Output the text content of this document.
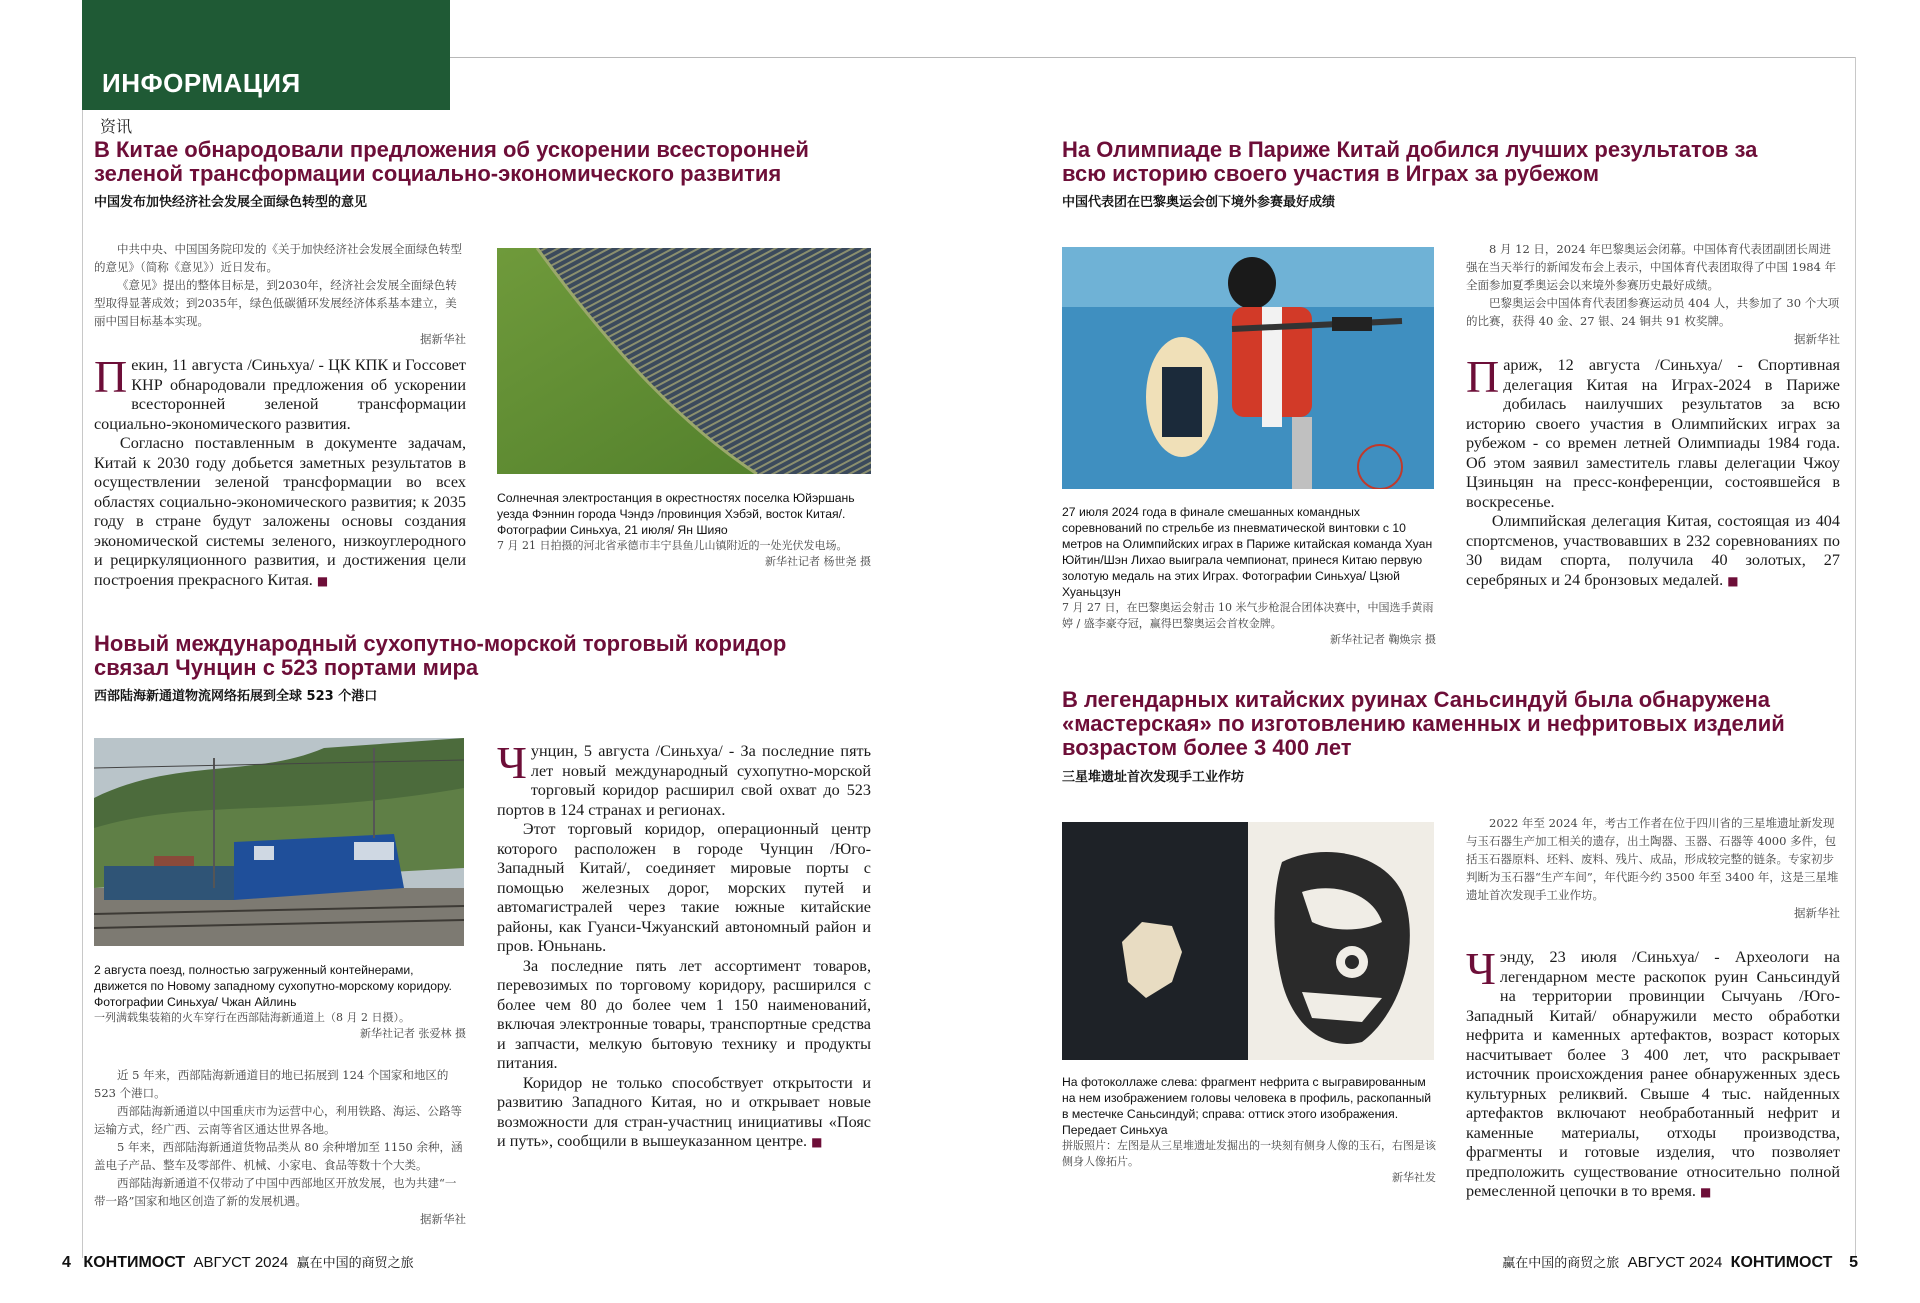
ИНФОРМАЦИЯ
资讯
В Китае обнародовали предложения об ускорении всесторонней
зеленой трансформации социально-экономического развития
中国发布加快经济社会发展全面绿色转型的意见

中共中央、中国国务院印发的《关于加快经济社会发展全面绿色转型的意见》（简称《意见》）近日发布。

《意见》提出的整体目标是，到2030年，经济社会发展全面绿色转型取得显著成效；到2035年，绿色低碳循环发展经济体系基本建立，美丽中国目标基本实现。

据新华社

Пекин, 11 августа /Синьхуа/ - ЦК КПК и Госсовет КНР обнародовали предложения об ускорении всесторонней зеленой трансформации социально-экономического развития.

Согласно поставленным в документе задачам, Китай к 2030 году добьется заметных результатов в осуществлении зеленой трансформации во всех областях социально-экономического развития; к 2035 году в стране будут заложены основы создания экономической системы зеленого, низкоуглеродного и рециркуляционного развития, и достижения цели построения прекрасного Китая. ■

Солнечная электростанция в окрестностях поселка Юйэршань уезда Фэннин города Чэндэ /провинция Хэбэй, восток Китая/. Фотографии Синьхуа, 21 июля/ Ян Шияо
7 月 21 日拍摄的河北省承德市丰宁县鱼儿山镇附近的一处光伏发电场。
新华社记者 杨世尧 摄
Новый международный сухопутно-морской торговый коридор
связал Чунцин с 523 портами мира
西部陆海新通道物流网络拓展到全球 523 个港口
2 августа поезд, полностью загруженный контейнерами, движется по Новому западному сухопутно-морскому коридору. Фотографии Синьхуа/ Чжан Айлинь
一列满载集装箱的火车穿行在西部陆海新通道上（8 月 2 日摄）。
新华社记者 张爱林 摄

Чунцин, 5 августа /Синьхуа/ - За последние пять лет новый международный сухопутно-морской торговый коридор расширил свой охват до 523 портов в 124 странах и регионах.

Этот торговый коридор, операционный центр которого расположен в городе Чунцин /Юго-Западный Китай/, соединяет мировые порты с помощью железных дорог, морских путей и автомагистралей через такие южные китайские районы, как Гуанси-Чжуанский автономный район и пров. Юньнань.

За последние пять лет ассортимент товаров, перевозимых по торговому коридору, расширился с более чем 80 до более чем 1 150 наименований, включая электронные товары, транспортные средства и запчасти, мелкую бытовую технику и продукты питания.

Коридор не только способствует открытости и развитию Западного Китая, но и открывает новые возможности для стран-участниц инициативы «Пояс и путь», сообщили в вышеуказанном центре. ■

近 5 年来，西部陆海新通道目的地已拓展到 124 个国家和地区的 523 个港口。

西部陆海新通道以中国重庆市为运营中心，利用铁路、海运、公路等运输方式，经广西、云南等省区通达世界各地。

5 年来，西部陆海新通道货物品类从 80 余种增加至 1150 余种，涵盖电子产品、整车及零部件、机械、小家电、食品等数十个大类。

西部陆海新通道不仅带动了中国中西部地区开放发展，也为共建“一带一路”国家和地区创造了新的发展机遇。

据新华社
На Олимпиаде в Париже Китай добился лучших результатов за
всю историю своего участия в Играх за рубежом
中国代表团在巴黎奥运会创下境外参赛最好成绩
27 июля 2024 года в финале смешанных командных соревнований по стрельбе из пневматической винтовки с 10 метров на Олимпийских играх в Париже китайская команда Хуан Юйтин/Шэн Лихао выиграла чемпионат, принеся Китаю первую золотую медаль на этих Играх. Фотографии Синьхуа/ Цзюй Хуаньцзун
7 月 27 日，在巴黎奥运会射击 10 米气步枪混合团体决赛中，中国选手黄雨婷 / 盛李豪夺冠，赢得巴黎奥运会首枚金牌。
新华社记者 鞠焕宗 摄

8 月 12 日，2024 年巴黎奥运会闭幕。中国体育代表团副团长周进强在当天举行的新闻发布会上表示，中国体育代表团取得了中国 1984 年全面参加夏季奥运会以来境外参赛历史最好成绩。

巴黎奥运会中国体育代表团参赛运动员 404 人，共参加了 30 个大项的比赛，获得 40 金、27 银、24 铜共 91 枚奖牌。

据新华社

Париж, 12 августа /Синьхуа/ - Спортивная делегация Китая на Играх-2024 в Париже добилась наилучших результатов за всю историю своего участия в Олимпийских играх за рубежом - со времен летней Олимпиады 1984 года. Об этом заявил заместитель главы делегации Чжоу Цзиньцян на пресс-конференции, состоявшейся в воскресенье.

Олимпийская делегация Китая, состоящая из 404 спортсменов, участвовавших в 232 соревнованиях по 30 видам спорта, получила 40 золотых, 27 серебряных и 24 бронзовых медалей. ■

В легендарных китайских руинах Саньсиндуй была обнаружена
«мастерская» по изготовлению каменных и нефритовых изделий
возрастом более 3 400 лет
三星堆遗址首次发现手工业作坊
На фотоколлаже слева: фрагмент нефрита с выгравированным на нем изображением головы человека в профиль, раскопанный в местечке Саньсиндуй; справа: оттиск этого изображения. Передает Синьхуа
拼版照片：左图是从三星堆遗址发掘出的一块刻有侧身人像的玉石，右图是该侧身人像拓片。
新华社发

2022 年至 2024 年，考古工作者在位于四川省的三星堆遗址新发现与玉石器生产加工相关的遗存，出土陶器、玉器、石器等 4000 多件，包括玉石器原料、坯料、废料、残片、成品，形成较完整的链条。专家初步判断为玉石器“生产车间”，年代距今约 3500 年至 3400 年，这是三星堆遗址首次发现手工业作坊。

据新华社

Чэнду, 23 июля /Синьхуа/ - Археологи на легендарном месте раскопок руин Саньсиндуй на территории провинции Сычуань /Юго-Западный Китай/ обнаружили место обработки нефрита и каменных артефактов, возраст которых насчитывает более 3 400 лет, что раскрывает источник происхождения ранее обнаруженных здесь культурных реликвий. Свыше 4 тыс. найденных артефактов включают необработанный нефрит и каменные материалы, отходы производства, фрагменты и готовые изделия, что позволяет предположить существование относительно полной ремесленной цепочки в то время. ■

4 КОНТИМОСТ АВГУСТ 2024 赢在中国的商贸之旅	赢在中国的商贸之旅 АВГУСТ 2024 КОНТИМОСТ 5
